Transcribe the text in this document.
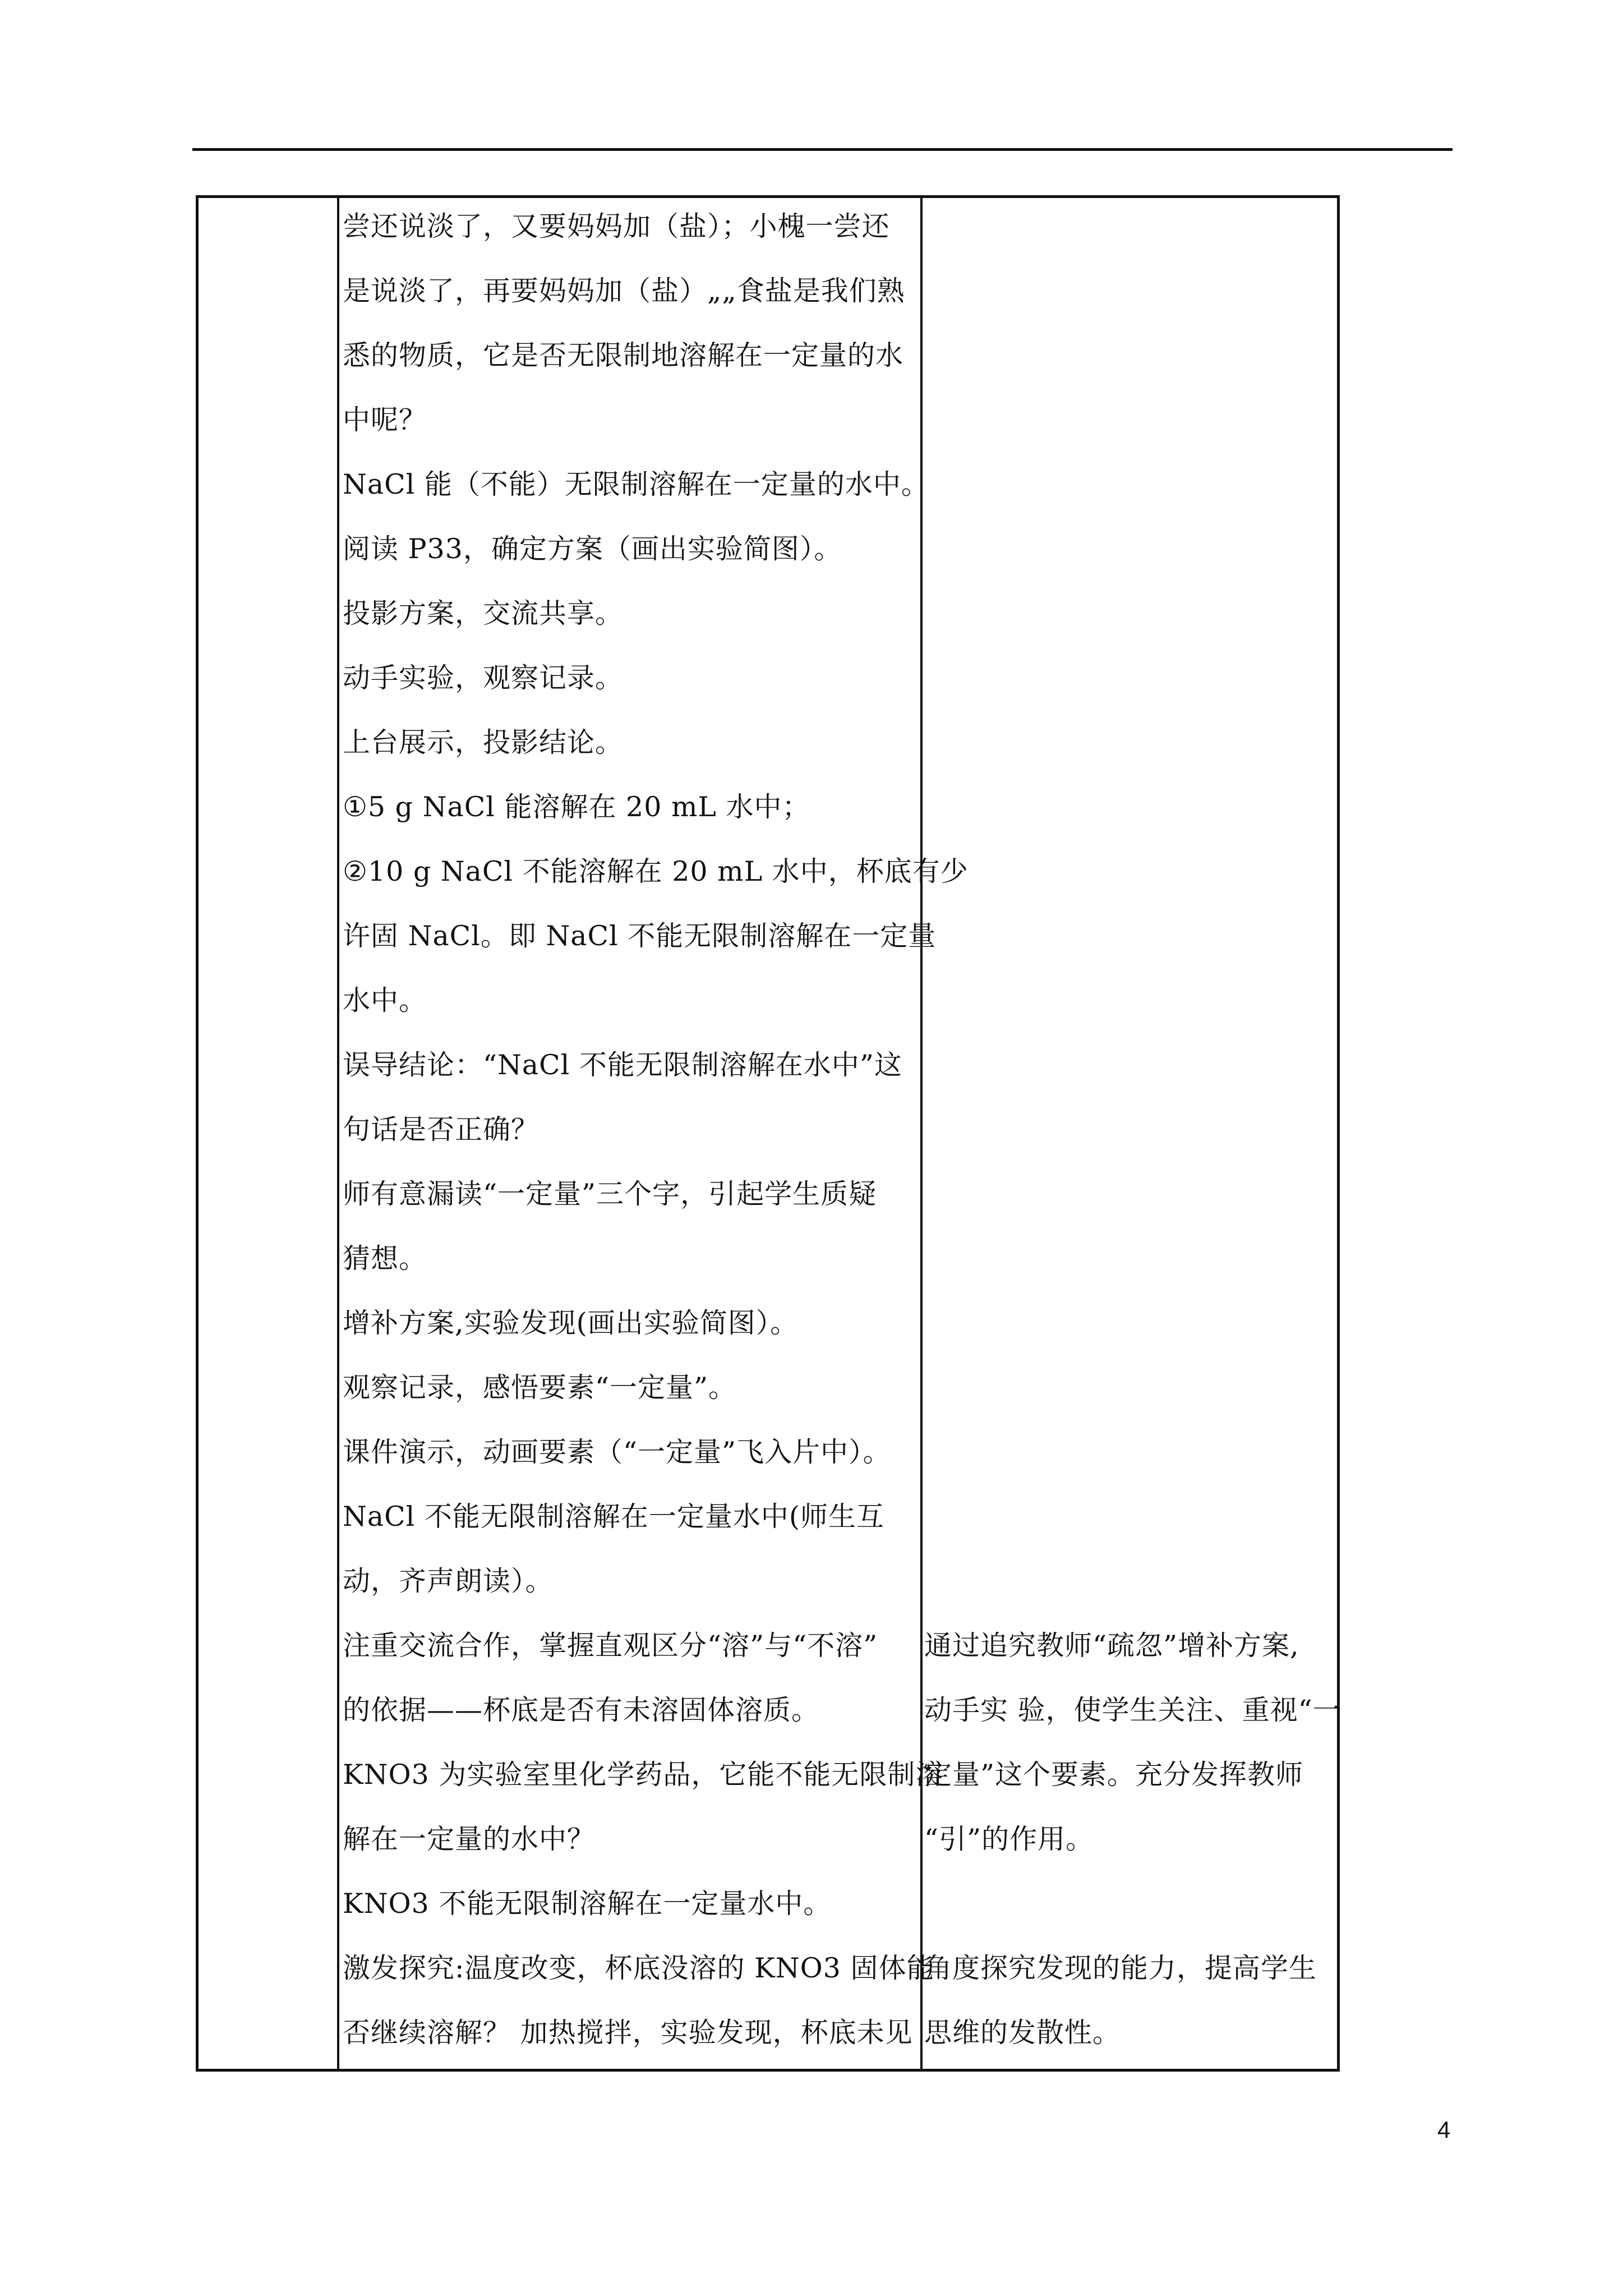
尝还说淡了，又要妈妈加（盐）；小槐一尝还
是说淡了，再要妈妈加（盐）„„食盐是我们熟
悉的物质，它是否无限制地溶解在一定量的水
中呢？
NaCl 能（不能）无限制溶解在一定量的水中。
阅读 P33，确定方案（画出实验简图）。
投影方案，交流共享。
动手实验，观察记录。
上台展示，投影结论。
①5 g NaCl 能溶解在 20 mL 水中；
②10 g NaCl 不能溶解在 20 mL 水中，杯底有少
许固 NaCl。即 NaCl 不能无限制溶解在一定量
水中。
误导结论：“NaCl 不能无限制溶解在水中”这
句话是否正确？
师有意漏读“一定量”三个字，引起学生质疑
猜想。
增补方案,实验发现(画出实验简图）。
观察记录，感悟要素“一定量”。
课件演示，动画要素（“一定量”飞入片中）。
NaCl 不能无限制溶解在一定量水中(师生互
动，齐声朗读）。
注重交流合作，掌握直观区分“溶”与“不溶”
的依据——杯底是否有未溶固体溶质。
KNO3 为实验室里化学药品，它能不能无限制溶
解在一定量的水中？
KNO3 不能无限制溶解在一定量水中。
激发探究:温度改变，杯底没溶的 KNO3 固体能
否继续溶解？ 加热搅拌，实验发现，杯底未见
通过追究教师“疏忽”增补方案,
动手实 验，使学生关注、重视“一
定量”这个要素。充分发挥教师
“引”的作用。
角度探究发现的能力，提高学生
思维的发散性。
4
